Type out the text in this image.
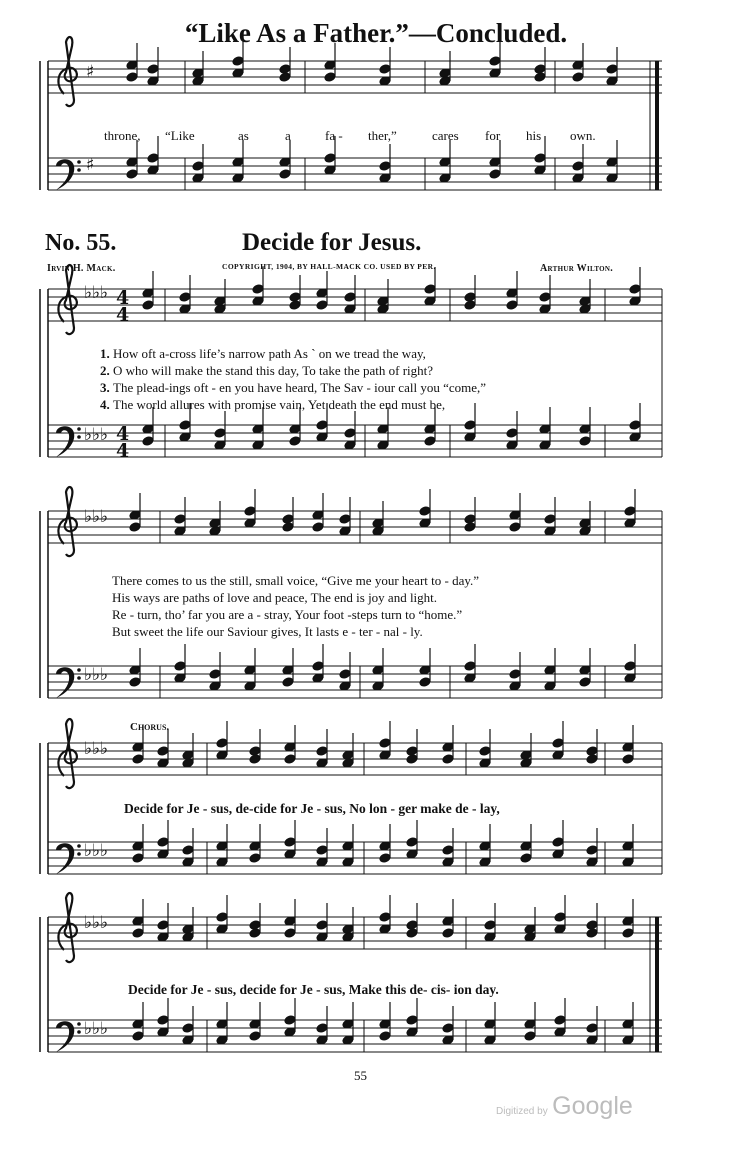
♯
♯
♭♭♭
♭♭♭
♭♭♭
♭♭♭
♭♭♭
♭♭♭
♭♭♭
♭♭♭
4
4
4
4
“Like As a Father.”—Concluded.
throne, “Like	as	a	fa - ther,”	cares for his own.
No. 55.	Decide for Jesus.
Irvin H. Mack.	COPYRIGHT, 1904, BY HALL-MACK CO. USED BY PER.	Arthur Wilton.
1. How oft a-cross life’s narrow path As ` on we tread the way,
2. O who will make the stand this day, To take the path of right?
3. The plead-ings oft - en you have heard, The Sav - iour call you “come,”
4. The world allures with promise vain, Yet death the end must be,
There comes to us the still, small voice, “Give me your heart to - day.”
His ways are paths of love and peace, The end is joy and light.
Re - turn, tho’ far you are a - stray, Your foot -steps turn to “home.”
But sweet the life our Saviour gives, It lasts e - ter - nal - ly.
Chorus.
Decide for Je - sus, de-cide for Je - sus, No lon - ger make de - lay,
Decide for Je - sus, decide for Je - sus, Make this de- cis- ion day.
55
Digitized by Google
